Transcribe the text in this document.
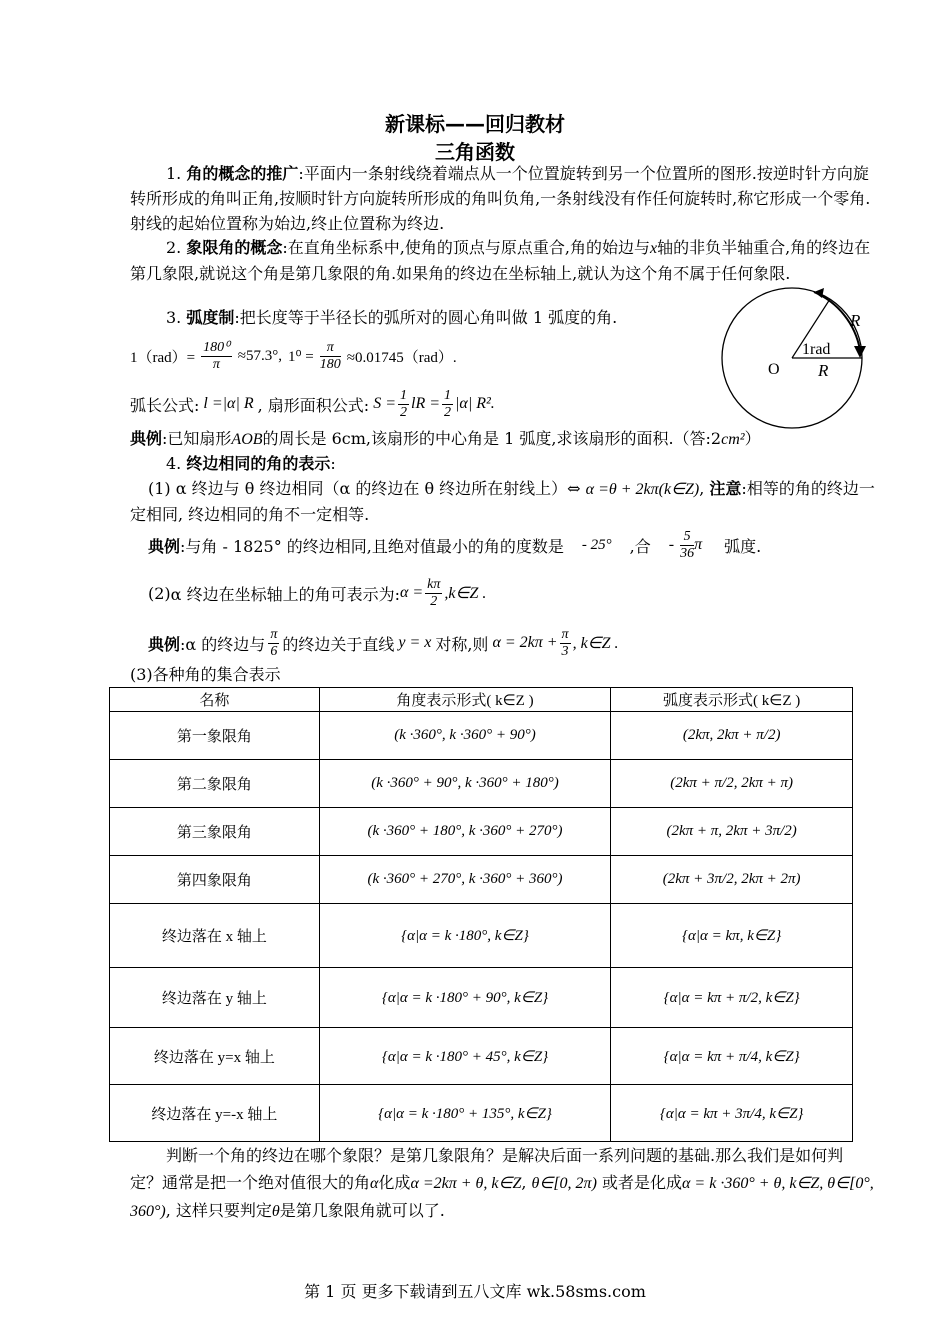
新课标——回归教材
三角函数
1. 角的概念的推广:平面内一条射线绕着端点从一个位置旋转到另一个位置所的图形.按逆时针方向旋转所形成的角叫正角,按顺时针方向旋转所形成的角叫负角,一条射线没有作任何旋转时,称它形成一个零角.射线的起始位置称为始边,终止位置称为终边.
2. 象限角的概念:在直角坐标系中,使角的顶点与原点重合,角的始边与x轴的非负半轴重合,角的终边在第几象限,就说这个角是第几象限的角.如果角的终边在坐标轴上,就认为这个角不属于任何象限.
3. 弧度制:把长度等于半径长的弧所对的圆心角叫做 1 弧度的角.
$1(rad)= \frac{\text{180⁰}}{\pi} \approx 57.3^\circ$, $1^0 = \frac{\pi}{180} \approx 0.01745(rad)$.
弧长公式: l =|α| R , 扇形面积公式: $S = \frac{1}{2}$ lR = $\frac{1}{2} |\alpha|$ R².
典例:已知扇形AOB的周长是 6cm,该扇形的中心角是 1 弧度,求该扇形的面积.（答:2cm²）
4. 终边相同的角的表示:
(1) α 终边与 θ 终边相同（α 的终边在 θ 终边所在射线上）⇔ α =θ + 2kπ(k∈Z), 注意:相等的角的终边一定相同, 终边相同的角不一定相等.
典例 :与角 - 1825° 的终边相同,且绝对值最小的角的度数是 - 25° ,合 - $\frac{5}{36}$ π 弧度.
(2) α 终边在坐标轴上的角可表示为: $\alpha = \frac{k\pi}{2}$ ,k∈Z .
典例 :α 的终边与 $\frac{\pi}{6}$ 的终边关于直线 y = x 对称,则 $\alpha = 2k\pi + \frac{\pi}{3}$ , k∈Z .
(3)各种角的集合表示
名称	角度表示形式( k∈Z )	弧度表示形式( k∈Z )
第一象限角	(k ·360°, k ·360° + 90°)	(2kπ, 2kπ + π/2)
第二象限角	(k ·360° + 90°, k ·360° + 180°)	(2kπ + π/2, 2kπ + π)
第三象限角	(k ·360° + 180°, k ·360° + 270°)	(2kπ + π, 2kπ + 3π/2)
第四象限角	(k ·360° + 270°, k ·360° + 360°)	(2kπ + 3π/2, 2kπ + 2π)
终边落在 x 轴上	{α|α = k ·180°, k∈Z}	{α|α = kπ, k∈Z}
终边落在 y 轴上	{α|α = k ·180° + 90°, k∈Z}	{α|α = kπ + π/2, k∈Z}
终边落在 y=x 轴上	{α|α = k ·180° + 45°, k∈Z}	{α|α = kπ + π/4, k∈Z}
终边落在 y=-x 轴上	{α|α = k ·180° + 135°, k∈Z}	{α|α = kπ + 3π/4, k∈Z}
判断一个角的终边在哪个象限？是第几象限角？是解决后面一系列问题的基础.那么我们是如何判定？通常是把一个绝对值很大的角α化成α =2kπ + θ, k∈Z, θ∈[0, 2π) 或者是化成α = k ·360° + θ, k∈Z, θ∈[0°, 360°), 这样只要判定θ是第几象限角就可以了.
R
1rad
O R
第 1 页 更多下载请到五八文库 wk.58sms.com
